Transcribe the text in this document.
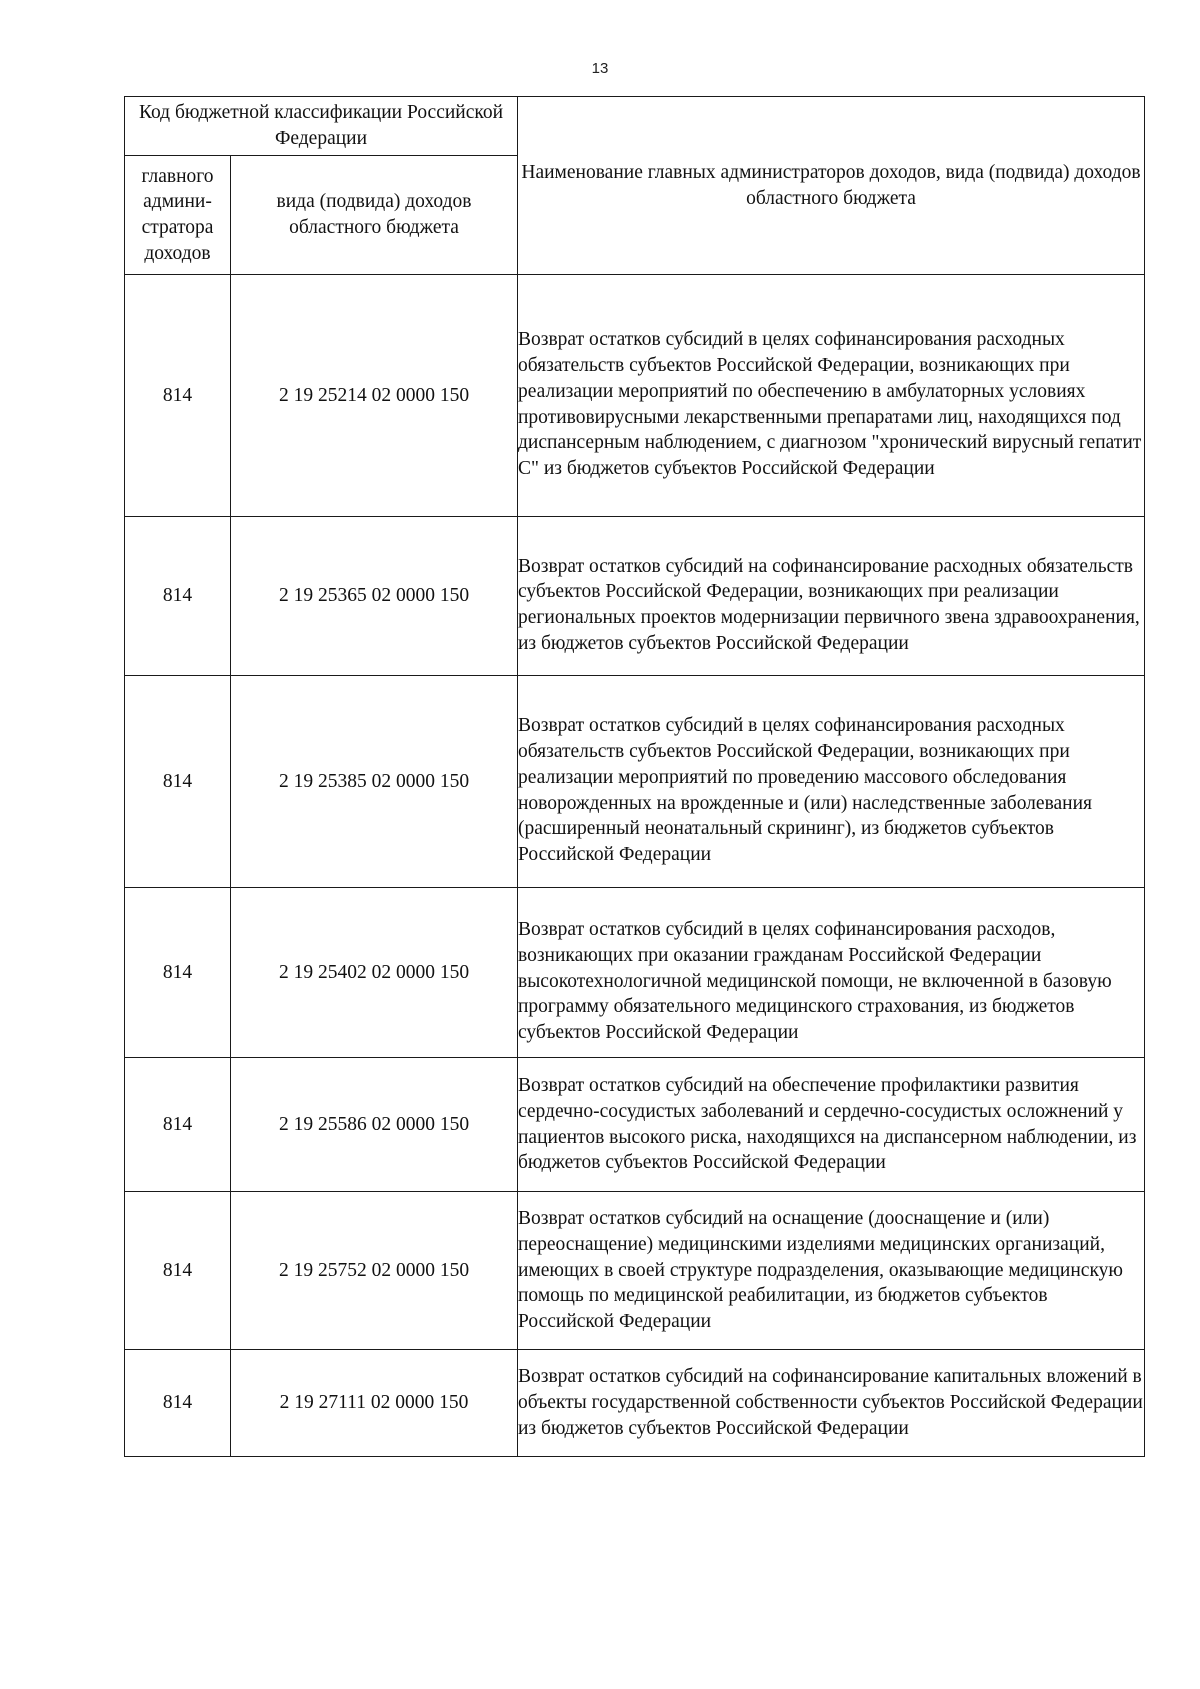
13
Код бюджетной классификации Российской Федерации		Наименование главных администраторов доходов, вида (подвида) доходов областного бюджета
главного админи-стратора доходов	вида (подвида) доходов областного бюджета	
814	2 19 25214 02 0000 150	Возврат остатков субсидий в целях софинансирования расходных обязательств субъектов Российской Федерации, возникающих при реализации мероприятий по обеспечению в амбулаторных условиях противовирусными лекарственными препаратами лиц, находящихся под диспансерным наблюдением, с диагнозом "хронический вирусный гепатит С" из бюджетов субъектов Российской Федерации
814	2 19 25365 02 0000 150	Возврат остатков субсидий на софинансирование расходных обязательств субъектов Российской Федерации, возникающих при реализации региональных проектов модернизации первичного звена здравоохранения, из бюджетов субъектов Российской Федерации
814	2 19 25385 02 0000 150	Возврат остатков субсидий в целях софинансирования расходных обязательств субъектов Российской Федерации, возникающих при реализации мероприятий по проведению массового обследования новорожденных на врожденные и (или) наследственные заболевания (расширенный неонатальный скрининг), из бюджетов субъектов Российской Федерации
814	2 19 25402 02 0000 150	Возврат остатков субсидий в целях софинансирования расходов, возникающих при оказании гражданам Российской Федерации высокотехнологичной медицинской помощи, не включенной в базовую программу обязательного медицинского страхования, из бюджетов субъектов Российской Федерации
814	2 19 25586 02 0000 150	Возврат остатков субсидий на обеспечение профилактики развития сердечно-сосудистых заболеваний и сердечно-сосудистых осложнений у пациентов высокого риска, находящихся на диспансерном наблюдении, из бюджетов субъектов Российской Федерации
814	2 19 25752 02 0000 150	Возврат остатков субсидий на оснащение (дооснащение и (или) переоснащение) медицинскими изделиями медицинских организаций, имеющих в своей структуре подразделения, оказывающие медицинскую помощь по медицинской реабилитации, из бюджетов субъектов Российской Федерации
814	2 19 27111 02 0000 150	Возврат остатков субсидий на софинансирование капитальных вложений в объекты государственной собственности субъектов Российской Федерации из бюджетов субъектов Российской Федерации
